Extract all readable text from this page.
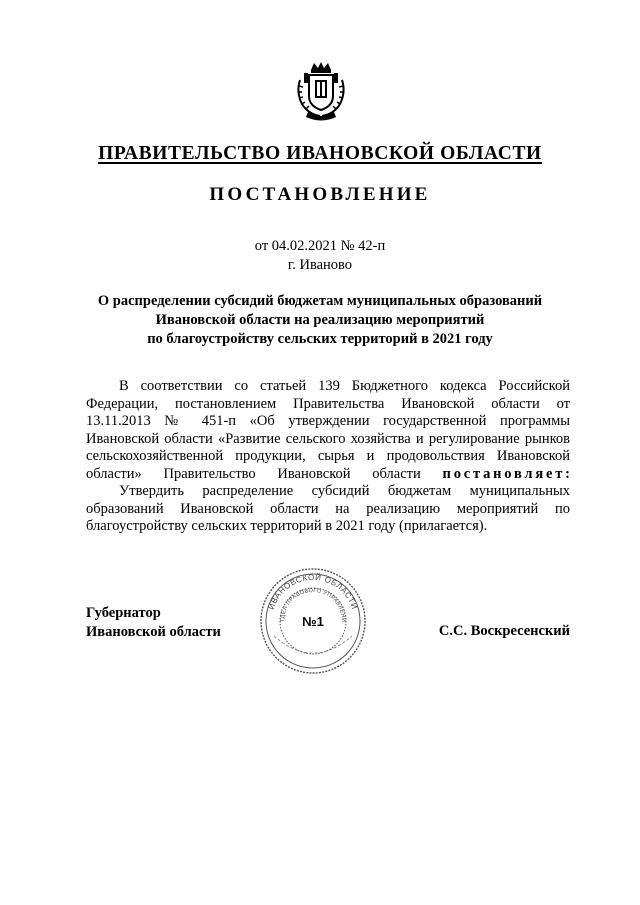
ПРАВИТЕЛЬСТВО ИВАНОВСКОЙ ОБЛАСТИ
ПОСТАНОВЛЕНИЕ
от 04.02.2021 № 42-п
г. Иваново
О распределении субсидий бюджетам муниципальных образований
Ивановской области на реализацию мероприятий
по благоустройству сельских территорий в 2021 году

В соответствии со статьей 139 Бюджетного кодекса Российской Федерации, постановлением Правительства Ивановской области от 13.11.2013 № 451-п «Об утверждении государственной программы Ивановской области «Развитие сельского хозяйства и регулирование рынков сельскохозяйственной продукции, сырья и продовольствия Ивановской области» Правительство Ивановской области постановляет:

Утвердить распределение субсидий бюджетам муниципальных образований Ивановской области на реализацию мероприятий по благоустройству сельских территорий в 2021 году (прилагается).

Губернатор
Ивановской области
ИВАНОВСКОЙ ОБЛАСТИ
ТДЕЛ ПРАВОВОГО УПРАВЛЕНИ
№1
С.С. Воскресенский
